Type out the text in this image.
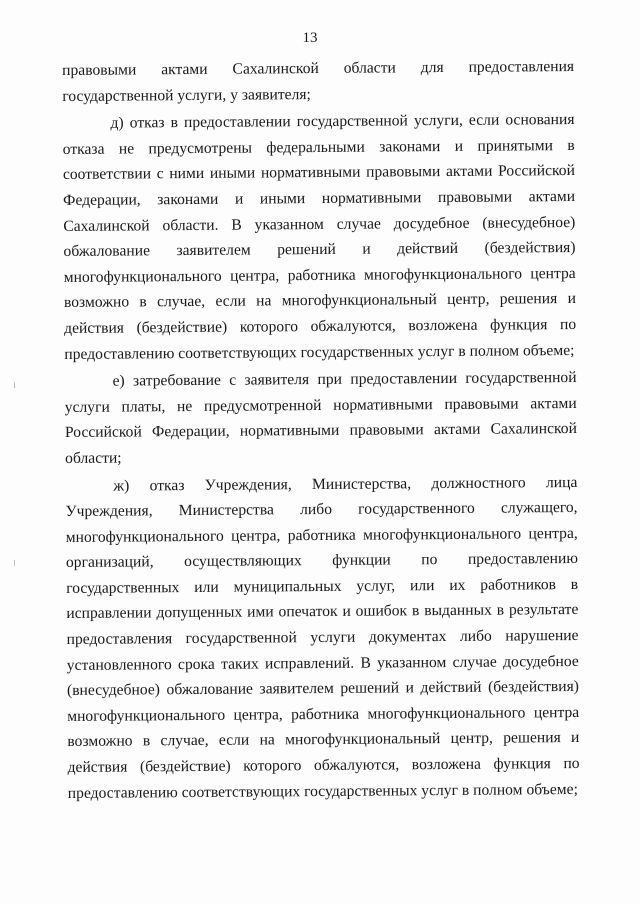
13

правовыми актами Сахалинской области для предоставления государственной услуги, у заявителя;

д) отказ в предоставлении государственной услуги, если основания отказа не предусмотрены федеральными законами и принятыми в соответствии с ними иными нормативными правовыми актами Российской Федерации, законами и иными нормативными правовыми актами Сахалинской области. В указанном случае досудебное (внесудебное) обжалование заявителем решений и действий (бездействия) многофункционального центра, работника многофункционального центра возможно в случае, если на многофункциональный центр, решения и действия (бездействие) которого обжалуются, возложена функция по предоставлению соответствующих государственных услуг в полном объеме;

е) затребование с заявителя при предоставлении государственной услуги платы, не предусмотренной нормативными правовыми актами Российской Федерации, нормативными правовыми актами Сахалинской области;

ж) отказ Учреждения, Министерства, должностного лица Учреждения, Министерства либо государственного служащего, многофункционального центра, работника многофункционального центра, организаций, осуществляющих функции по предоставлению государственных или муниципальных услуг, или их работников в исправлении допущенных ими опечаток и ошибок в выданных в результате предоставления государственной услуги документах либо нарушение установленного срока таких исправлений. В указанном случае досудебное (внесудебное) обжалование заявителем решений и действий (бездействия) многофункционального центра, работника многофункционального центра возможно в случае, если на многофункциональный центр, решения и действия (бездействие) которого обжалуются, возложена функция по предоставлению соответствующих государственных услуг в полном объеме;
